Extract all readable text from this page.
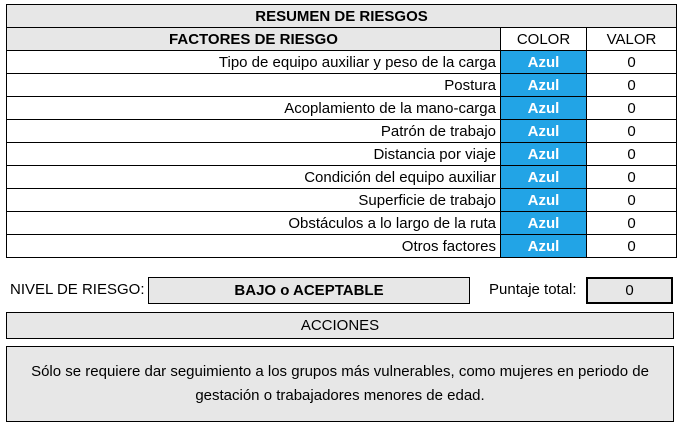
RESUMEN DE RIESGOS		
FACTORES DE RIESGO	COLOR	VALOR
Tipo de equipo auxiliar y peso de la carga	Azul	0
Postura	Azul	0
Acoplamiento de la mano-carga	Azul	0
Patrón de trabajo	Azul	0
Distancia por viaje	Azul	0
Condición del equipo auxiliar	Azul	0
Superficie de trabajo	Azul	0
Obstáculos a lo largo de la ruta	Azul	0
Otros factores	Azul	0
NIVEL DE RIESGO:	BAJO o ACEPTABLE	Puntaje total:	0
ACCIONES
Sólo se requiere dar seguimiento a los grupos más vulnerables, como mujeres en periodo de gestación o trabajadores menores de edad.
